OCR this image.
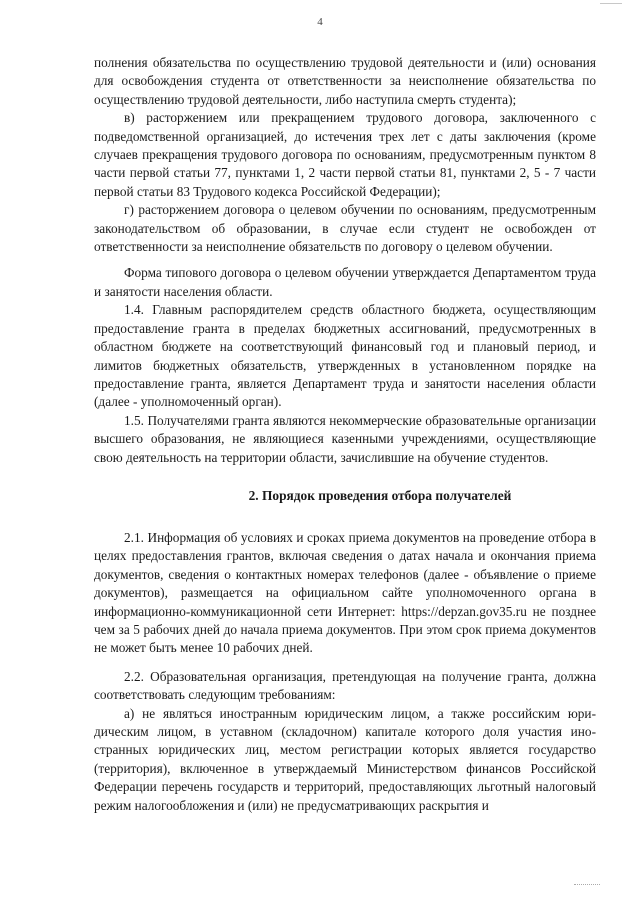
4

полнения обязательства по осуществлению трудовой деятельности и (или) основания для освобождения студента от ответственности за неисполнение обязательства по осуществлению трудовой деятельности, либо наступила смерть студента);

в) расторжением или прекращением трудового договора, заключенного с подведомственной организацией, до истечения трех лет с даты заключения (кроме случаев прекращения трудового договора по основаниям, предусмотренным пунктом 8 части первой статьи 77, пунктами 1, 2 части первой статьи 81, пунктами 2, 5 - 7 части первой статьи 83 Трудового кодекса Российской Федерации);

г) расторжением договора о целевом обучении по основаниям, предусмотренным законодательством об образовании, в случае если студент не освобожден от ответственности за неисполнение обязательств по договору о целевом обучении.

Форма типового договора о целевом обучении утверждается Департаментом труда и занятости населения области.

1.4. Главным распорядителем средств областного бюджета, осуществляющим предоставление гранта в пределах бюджетных ассигнований, предусмотренных в областном бюджете на соответствующий финансовый год и плановый период, и лимитов бюджетных обязательств, утвержденных в установленном порядке на предоставление гранта, является Департамент труда и занятости населения области (далее - уполномоченный орган).

1.5. Получателями гранта являются некоммерческие образовательные организации высшего образования, не являющиеся казенными учреждениями, осуществляющие свою деятельность на территории области, зачислившие на обучение студентов.

2. Порядок проведения отбора получателей

2.1. Информация об условиях и сроках приема документов на проведение отбора в целях предоставления грантов, включая сведения о датах начала и окончания приема документов, сведения о контактных номерах телефонов (далее - объявление о приеме документов), размещается на официальном сайте уполномоченного органа в информационно-коммуникационной сети Интернет: https://depzan.gov35.ru не позднее чем за 5 рабочих дней до начала приема документов. При этом срок приема документов не может быть менее 10 рабочих дней.

2.2. Образовательная организация, претендующая на получение гранта, должна соответствовать следующим требованиям:

а) не являться иностранным юридическим лицом, а также российским юридическим лицом, в уставном (складочном) капитале которого доля участия иностранных юридических лиц, местом регистрации которых является государство (территория), включенное в утверждаемый Министерством финансов Российской Федерации перечень государств и территорий, предоставляющих льготный налоговый режим налогообложения и (или) не предусматривающих раскрытия и
